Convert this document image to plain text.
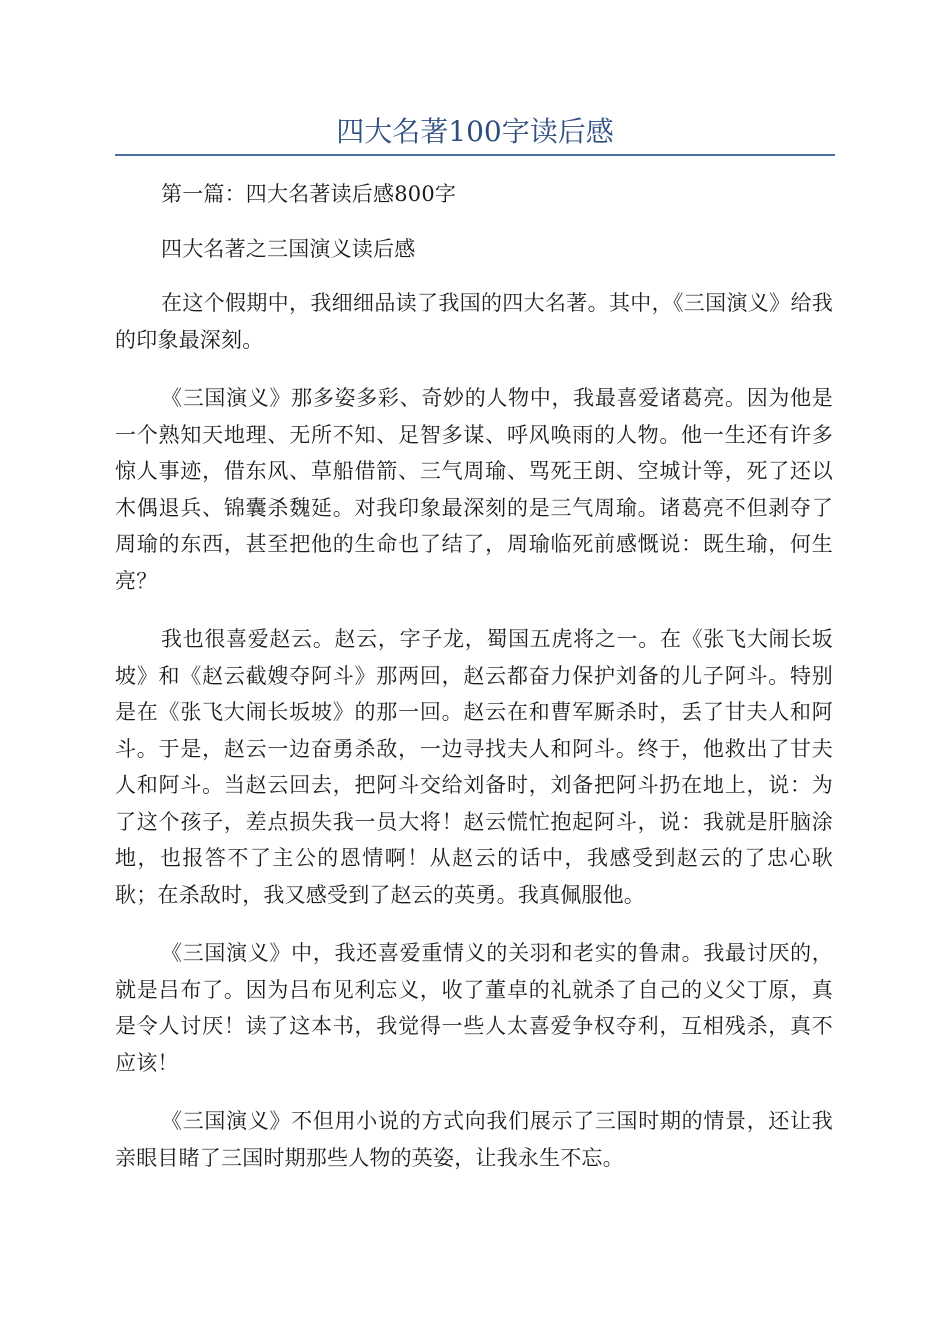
四大名著100字读后感

第一篇：四大名著读后感800字

四大名著之三国演义读后感

在这个假期中，我细细品读了我国的四大名著。其中，《三国演义》给我的印象最深刻。

《三国演义》那多姿多彩、奇妙的人物中，我最喜爱诸葛亮。因为他是一个熟知天地理、无所不知、足智多谋、呼风唤雨的人物。他一生还有许多惊人事迹，借东风、草船借箭、三气周瑜、骂死王朗、空城计等，死了还以木偶退兵、锦囊杀魏延。对我印象最深刻的是三气周瑜。诸葛亮不但剥夺了周瑜的东西，甚至把他的生命也了结了，周瑜临死前感慨说：既生瑜，何生亮？

我也很喜爱赵云。赵云，字子龙，蜀国五虎将之一。在《张飞大闹长坂坡》和《赵云截嫂夺阿斗》那两回，赵云都奋力保护刘备的儿子阿斗。特别是在《张飞大闹长坂坡》的那一回。赵云在和曹军厮杀时，丢了甘夫人和阿斗。于是，赵云一边奋勇杀敌，一边寻找夫人和阿斗。终于，他救出了甘夫人和阿斗。当赵云回去，把阿斗交给刘备时，刘备把阿斗扔在地上，说：为了这个孩子，差点损失我一员大将！赵云慌忙抱起阿斗，说：我就是肝脑涂地，也报答不了主公的恩情啊！从赵云的话中，我感受到赵云的了忠心耿耿；在杀敌时，我又感受到了赵云的英勇。我真佩服他。

《三国演义》中，我还喜爱重情义的关羽和老实的鲁肃。我最讨厌的，就是吕布了。因为吕布见利忘义，收了董卓的礼就杀了自己的义父丁原，真是令人讨厌！读了这本书，我觉得一些人太喜爱争权夺利，互相残杀，真不应该！

《三国演义》不但用小说的方式向我们展示了三国时期的情景，还让我亲眼目睹了三国时期那些人物的英姿，让我永生不忘。
